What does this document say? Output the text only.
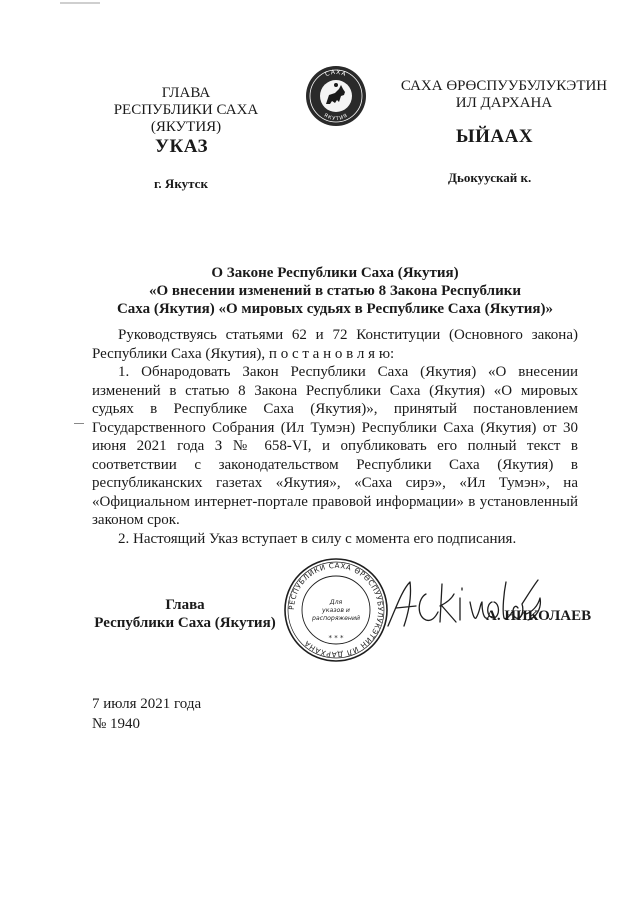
ГЛАВА
РЕСПУБЛИКИ САХА (ЯКУТИЯ)
САХА
ЯКУТИЯ
САХА ӨРӨСПУУБУЛУКЭТИН
ИЛ ДАРХАНА
УКАЗ	ЫЙААХ
г. Якутск	Дьокуускай к.
О Законе Республики Саха (Якутия)
«О внесении изменений в статью 8 Закона Республики
Саха (Якутия) «О мировых судьях в Республике Саха (Якутия)»

Руководствуясь статьями 62 и 72 Конституции (Основного закона) Республики Саха (Якутия), п о с т а н о в л я ю:

1. Обнародовать Закон Республики Саха (Якутия) «О внесении изменений в статью 8 Закона Республики Саха (Якутия) «О мировых судьях в Республике Саха (Якутия)», принятый постановлением Государственного Собрания (Ил Тумэн) Республики Саха (Якутия) от 30 июня 2021 года З № 658-VI, и опубликовать его полный текст в соответствии с законодательством Республики Саха (Якутия) в республиканских газетах «Якутия», «Саха сирэ», «Ил Тумэн», на «Официальном интернет-портале правовой информации» в установленный законом срок.

2. Настоящий Указ вступает в силу с момента его подписания.

Глава
Республики Саха (Якутия)
РЕСПУБЛИКИ САХА ӨРӨСПУУБУЛУКЭТИН ИЛ ДАРХАНА
Для
указов и
распоряжений
* * *
А. НИКОЛАЕВ
7 июля 2021 года
№ 1940
